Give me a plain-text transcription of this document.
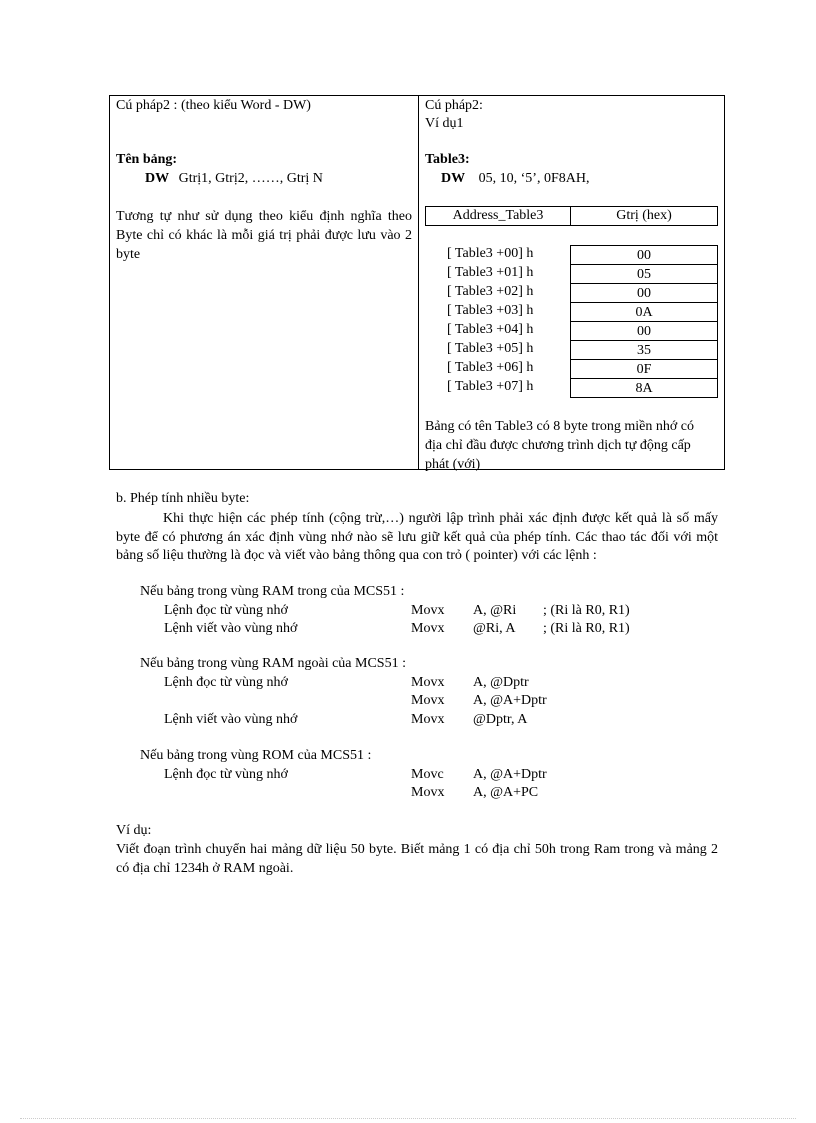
Cú pháp2 : (theo kiểu Word - DW)
Tên bảng:
DW Gtrị1, Gtrị2, ……, Gtrị N
Tương tự như sử dụng theo kiểu định nghĩa theo Byte chỉ có khác là mỗi giá trị phải được lưu vào 2 byte
Cú pháp2:
Ví dụ1
Table3:
DW 05, 10, ‘5’, 0F8AH,
Address_Table3	Gtrị (hex)
[ Table3 +00] h	00
[ Table3 +01] h	05
[ Table3 +02] h	00
[ Table3 +03] h	0A
[ Table3 +04] h	00
[ Table3 +05] h	35
[ Table3 +06] h	0F
[ Table3 +07] h	8A
Bảng có tên Table3 có 8 byte trong miền nhớ có địa chỉ đầu được chương trình dịch tự động cấp phát (với)
b. Phép tính nhiều byte:
Khi thực hiện các phép tính (cộng trừ,…) người lập trình phải xác định được kết quả là số mấy byte để có phương án xác định vùng nhớ nào sẽ lưu giữ kết quả của phép tính. Các thao tác đối với một bảng số liệu thường là đọc và viết vào bảng thông qua con trỏ ( pointer) với các lệnh :
Nếu bảng trong vùng RAM trong của MCS51 :
Lệnh đọc từ vùng nhớ	Movx A, @Ri ; (Ri là R0, R1)
Lệnh viết vào vùng nhớ	Movx @Ri, A ; (Ri là R0, R1)
Nếu bảng trong vùng RAM ngoài của MCS51 :
Lệnh đọc từ vùng nhớ	Movx A, @Dptr
Movx A, @A+Dptr
Lệnh viết vào vùng nhớ	Movx @Dptr, A
Nếu bảng trong vùng ROM của MCS51 :
Lệnh đọc từ vùng nhớ	Movc A, @A+Dptr
Movx A, @A+PC
Ví dụ:
Viết đoạn trình chuyển hai mảng dữ liệu 50 byte. Biết mảng 1 có địa chỉ 50h trong Ram trong và mảng 2 có địa chỉ 1234h ở RAM ngoài.
